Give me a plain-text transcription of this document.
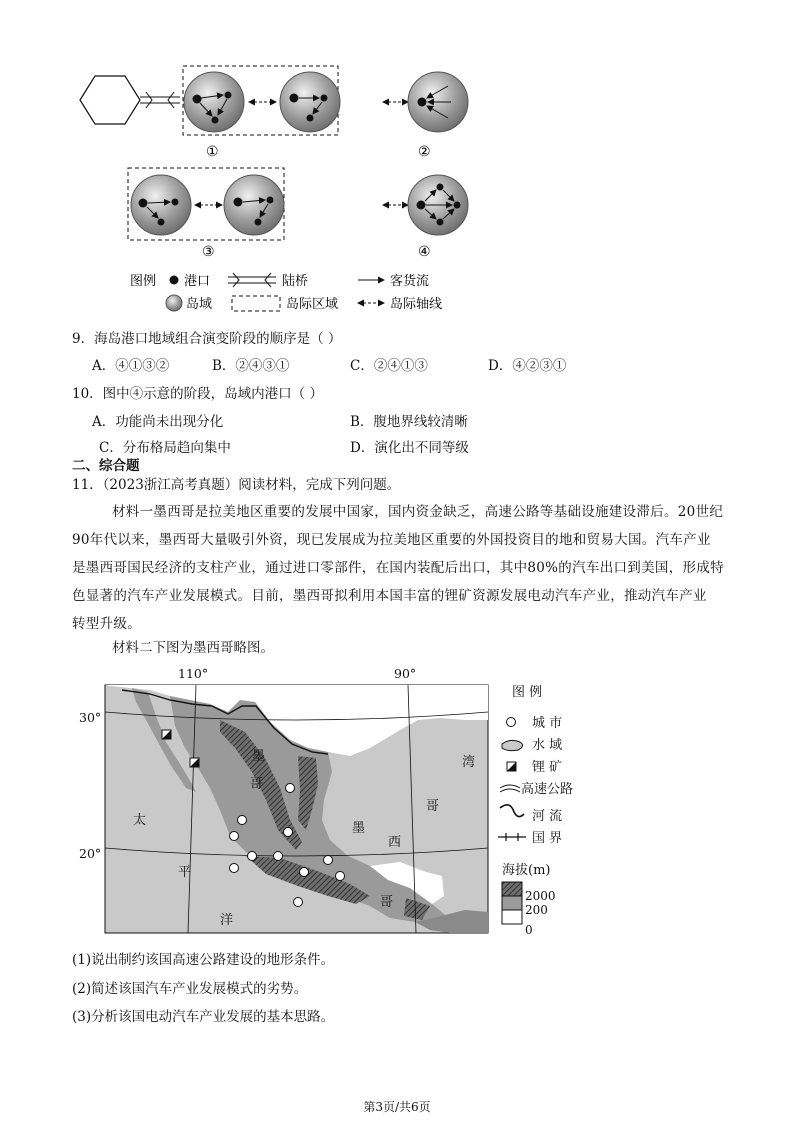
①	②
③	④
图例 港口	陆桥	客货流
岛域	岛际区域	岛际轴线
9．海岛港口地域组合演变阶段的顺序是（ ）
A．④①③②	B．②④③①	C．②④①③	D．④②③①
10．图中④示意的阶段，岛域内港口（ ）
A．功能尚未出现分化	B．腹地界线较清晰
C．分布格局趋向集中	D．演化出不同等级
二、综合题
11．（2023浙江高考真题）阅读材料，完成下列问题。
材料一墨西哥是拉美地区重要的发展中国家，国内资金缺乏，高速公路等基础设施建设滞后。20世纪
90年代以来，墨西哥大量吸引外资，现已发展成为拉美地区重要的外国投资目的地和贸易大国。汽车产业
是墨西哥国民经济的支柱产业，通过进口零部件，在国内装配后出口，其中80%的汽车出口到美国，形成特
色显著的汽车产业发展模式。目前，墨西哥拟利用本国丰富的锂矿资源发展电动汽车产业，推动汽车产业
转型升级。
材料二下图为墨西哥略图。
墨
哥
太
平
洋
墨
西
哥
湾
哥
110°	90°
30°
20°
图 例
城 市
水 域
锂 矿
高速公路
河 流
国 界
海拔(m)
2000
200
0
(1)说出制约该国高速公路建设的地形条件。
(2)简述该国汽车产业发展模式的劣势。
(3)分析该国电动汽车产业发展的基本思路。
第3页/共6页
